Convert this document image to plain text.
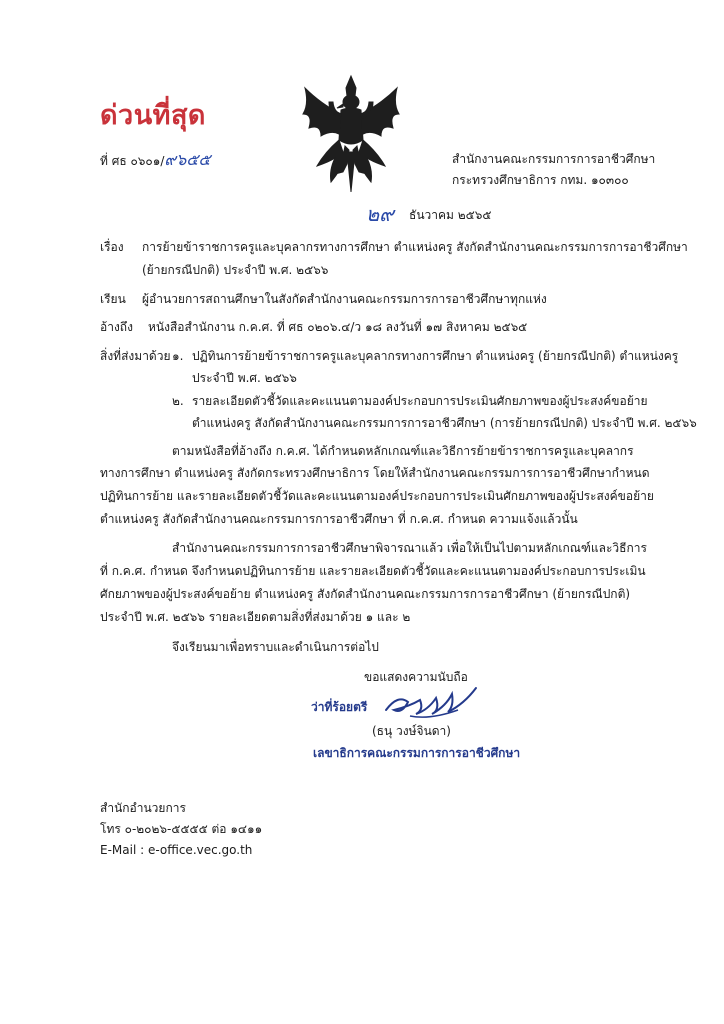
ด่วนที่สุด
ที่ ศธ ๐๖๐๑/๙๖๕๕	สำนักงานคณะกรรมการการอาชีวศึกษา
กระทรวงศึกษาธิการ กทม. ๑๐๓๐๐
๒๙ ธันวาคม ๒๕๖๕
เรื่อง การย้ายข้าราชการครูและบุคลากรทางการศึกษา ตำแหน่งครู สังกัดสำนักงานคณะกรรมการการอาชีวศึกษา
(ย้ายกรณีปกติ) ประจำปี พ.ศ. ๒๕๖๖
เรียน ผู้อำนวยการสถานศึกษาในสังกัดสำนักงานคณะกรรมการการอาชีวศึกษาทุกแห่ง
อ้างถึง หนังสือสำนักงาน ก.ค.ศ. ที่ ศธ ๐๒๐๖.๔/ว ๑๘ ลงวันที่ ๑๗ สิงหาคม ๒๕๖๕
สิ่งที่ส่งมาด้วย ๑. ปฏิทินการย้ายข้าราชการครูและบุคลากรทางการศึกษา ตำแหน่งครู (ย้ายกรณีปกติ) ตำแหน่งครู
ประจำปี พ.ศ. ๒๕๖๖
๒. รายละเอียดตัวชี้วัดและคะแนนตามองค์ประกอบการประเมินศักยภาพของผู้ประสงค์ขอย้าย
ตำแหน่งครู สังกัดสำนักงานคณะกรรมการการอาชีวศึกษา (การย้ายกรณีปกติ) ประจำปี พ.ศ. ๒๕๖๖
ตามหนังสือที่อ้างถึง ก.ค.ศ. ได้กำหนดหลักเกณฑ์และวิธีการย้ายข้าราชการครูและบุคลากร
ทางการศึกษา ตำแหน่งครู สังกัดกระทรวงศึกษาธิการ โดยให้สำนักงานคณะกรรมการการอาชีวศึกษากำหนด
ปฏิทินการย้าย และรายละเอียดตัวชี้วัดและคะแนนตามองค์ประกอบการประเมินศักยภาพของผู้ประสงค์ขอย้าย
ตำแหน่งครู สังกัดสำนักงานคณะกรรมการการอาชีวศึกษา ที่ ก.ค.ศ. กำหนด ความแจ้งแล้วนั้น
สำนักงานคณะกรรมการการอาชีวศึกษาพิจารณาแล้ว เพื่อให้เป็นไปตามหลักเกณฑ์และวิธีการ
ที่ ก.ค.ศ. กำหนด จึงกำหนดปฏิทินการย้าย และรายละเอียดตัวชี้วัดและคะแนนตามองค์ประกอบการประเมิน
ศักยภาพของผู้ประสงค์ขอย้าย ตำแหน่งครู สังกัดสำนักงานคณะกรรมการการอาชีวศึกษา (ย้ายกรณีปกติ)
ประจำปี พ.ศ. ๒๕๖๖ รายละเอียดตามสิ่งที่ส่งมาด้วย ๑ และ ๒
จึงเรียนมาเพื่อทราบและดำเนินการต่อไป
ขอแสดงความนับถือ
ว่าที่ร้อยตรี
(ธนุ วงษ์จินดา)
เลขาธิการคณะกรรมการการอาชีวศึกษา
สำนักอำนวยการ
โทร ๐-๒๐๒๖-๕๕๕๕ ต่อ ๑๔๑๑
E-Mail : e-office.vec.go.th
